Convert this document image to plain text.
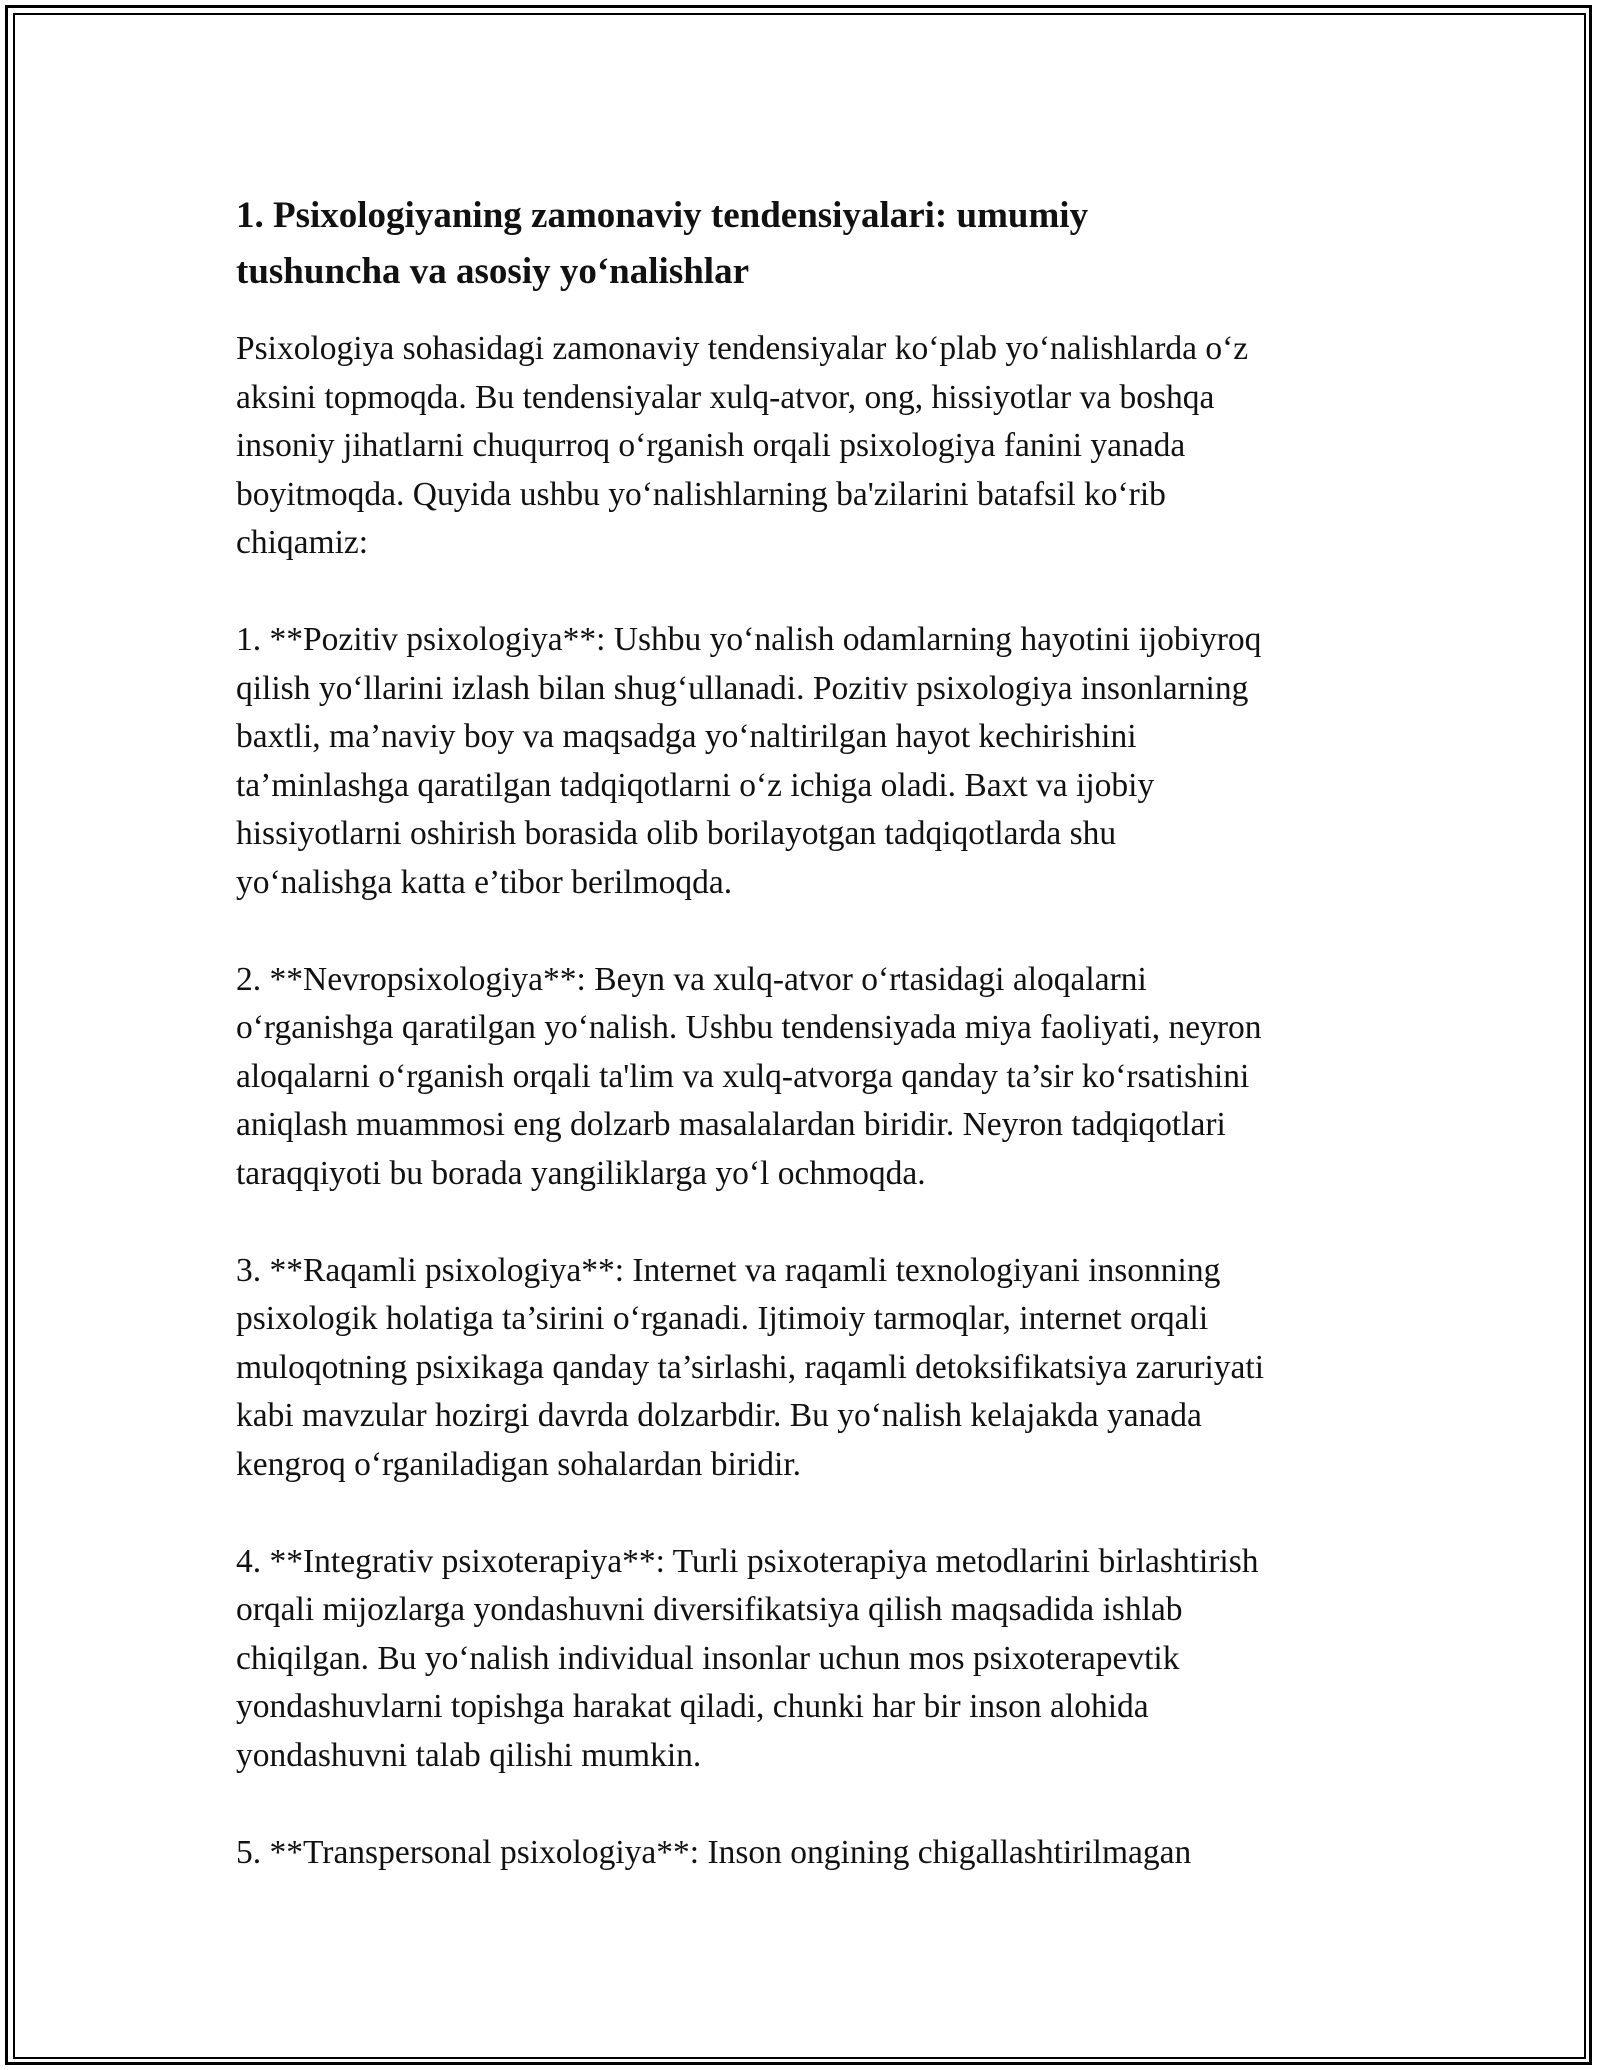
1. Psixologiyaning zamonaviy tendensiyalari: umumiy
tushuncha va asosiy yo‘nalishlar

Psixologiya sohasidagi zamonaviy tendensiyalar ko‘plab yo‘nalishlarda o‘z
aksini topmoqda. Bu tendensiyalar xulq-atvor, ong, hissiyotlar va boshqa
insoniy jihatlarni chuqurroq o‘rganish orqali psixologiya fanini yanada
boyitmoqda. Quyida ushbu yo‘nalishlarning ba'zilarini batafsil ko‘rib
chiqamiz:

1. **Pozitiv psixologiya**: Ushbu yo‘nalish odamlarning hayotini ijobiyroq
qilish yo‘llarini izlash bilan shug‘ullanadi. Pozitiv psixologiya insonlarning
baxtli, ma’naviy boy va maqsadga yo‘naltirilgan hayot kechirishini
ta’minlashga qaratilgan tadqiqotlarni o‘z ichiga oladi. Baxt va ijobiy
hissiyotlarni oshirish borasida olib borilayotgan tadqiqotlarda shu
yo‘nalishga katta e’tibor berilmoqda.

2. **Nevropsixologiya**: Beyn va xulq-atvor o‘rtasidagi aloqalarni
o‘rganishga qaratilgan yo‘nalish. Ushbu tendensiyada miya faoliyati, neyron
aloqalarni o‘rganish orqali ta'lim va xulq-atvorga qanday ta’sir ko‘rsatishini
aniqlash muammosi eng dolzarb masalalardan biridir. Neyron tadqiqotlari
taraqqiyoti bu borada yangiliklarga yo‘l ochmoqda.

3. **Raqamli psixologiya**: Internet va raqamli texnologiyani insonning
psixologik holatiga ta’sirini o‘rganadi. Ijtimoiy tarmoqlar, internet orqali
muloqotning psixikaga qanday ta’sirlashi, raqamli detoksifikatsiya zaruriyati
kabi mavzular hozirgi davrda dolzarbdir. Bu yo‘nalish kelajakda yanada
kengroq o‘rganiladigan sohalardan biridir.

4. **Integrativ psixoterapiya**: Turli psixoterapiya metodlarini birlashtirish
orqali mijozlarga yondashuvni diversifikatsiya qilish maqsadida ishlab
chiqilgan. Bu yo‘nalish individual insonlar uchun mos psixoterapevtik
yondashuvlarni topishga harakat qiladi, chunki har bir inson alohida
yondashuvni talab qilishi mumkin.

5. **Transpersonal psixologiya**: Inson ongining chigallashtirilmagan
